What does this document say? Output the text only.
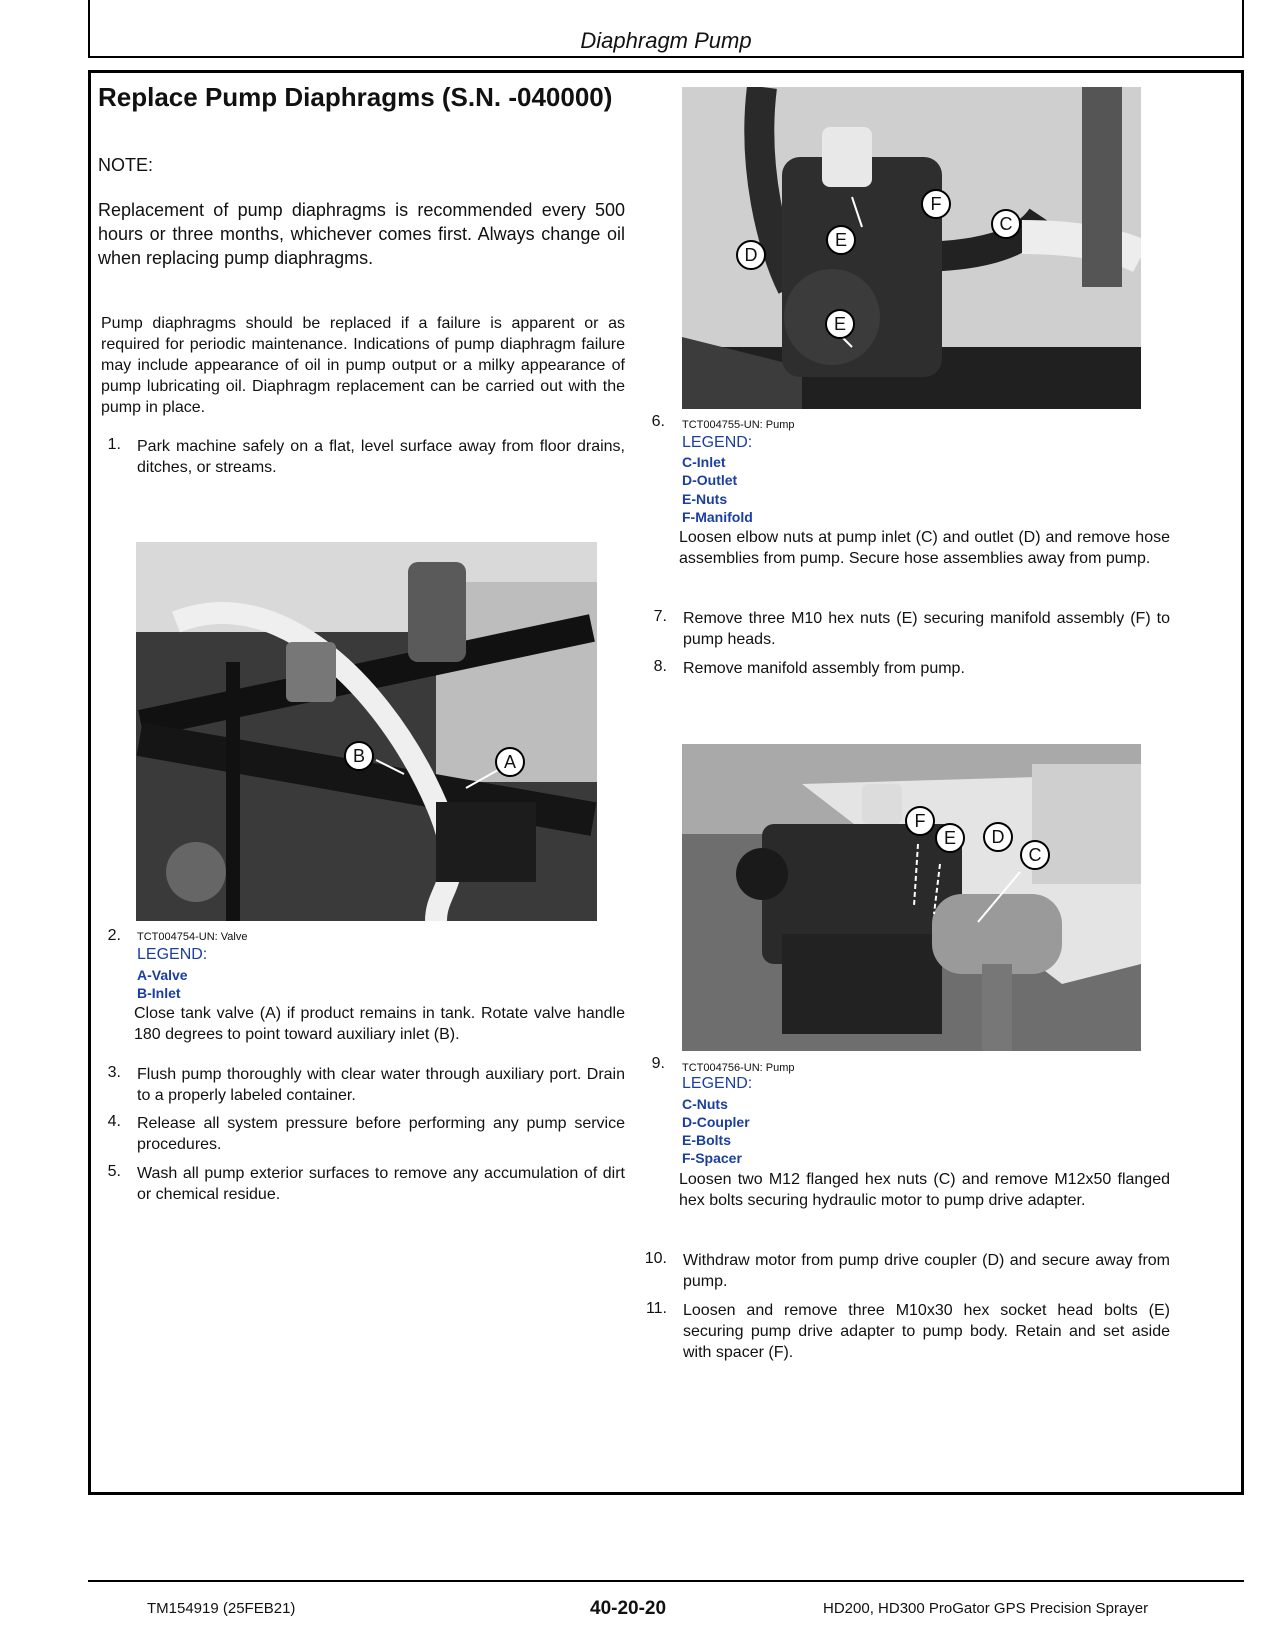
Diaphragm Pump
Replace Pump Diaphragms (S.N. -040000)
NOTE:
Replacement of pump diaphragms is recommended every 500 hours or three months, whichever comes first. Always change oil when replacing pump diaphragms.
Pump diaphragms should be replaced if a failure is apparent or as required for periodic maintenance. Indications of pump diaphragm failure may include appearance of oil in pump output or a milky appearance of pump lubricating oil. Diaphragm replacement can be carried out with the pump in place.
1. Park machine safely on a flat, level surface away from floor drains, ditches, or streams.
B	A
2. TCT004754-UN: Valve
LEGEND:
A-Valve
B-Inlet
Close tank valve (A) if product remains in tank. Rotate valve handle 180 degrees to point toward auxiliary inlet (B).
3. Flush pump thoroughly with clear water through auxiliary port. Drain to a properly labeled container.
4. Release all system pressure before performing any pump service procedures.
5. Wash all pump exterior surfaces to remove any accumulation of dirt or chemical residue.
F
C
E
D
E
6. TCT004755-UN: Pump
LEGEND:
C-Inlet
D-Outlet
E-Nuts
F-Manifold
Loosen elbow nuts at pump inlet (C) and outlet (D) and remove hose assemblies from pump. Secure hose assemblies away from pump.
7. Remove three M10 hex nuts (E) securing manifold assembly (F) to pump heads.
8. Remove manifold assembly from pump.
F
E	D
C
9. TCT004756-UN: Pump
LEGEND:
C-Nuts
D-Coupler
E-Bolts
F-Spacer
Loosen two M12 flanged hex nuts (C) and remove M12x50 flanged hex bolts securing hydraulic motor to pump drive adapter.
10. Withdraw motor from pump drive coupler (D) and secure away from pump.
11. Loosen and remove three M10x30 hex socket head bolts (E) securing pump drive adapter to pump body. Retain and set aside with spacer (F).
TM154919 (25FEB21)	40-20-20	HD200, HD300 ProGator GPS Precision Sprayer
